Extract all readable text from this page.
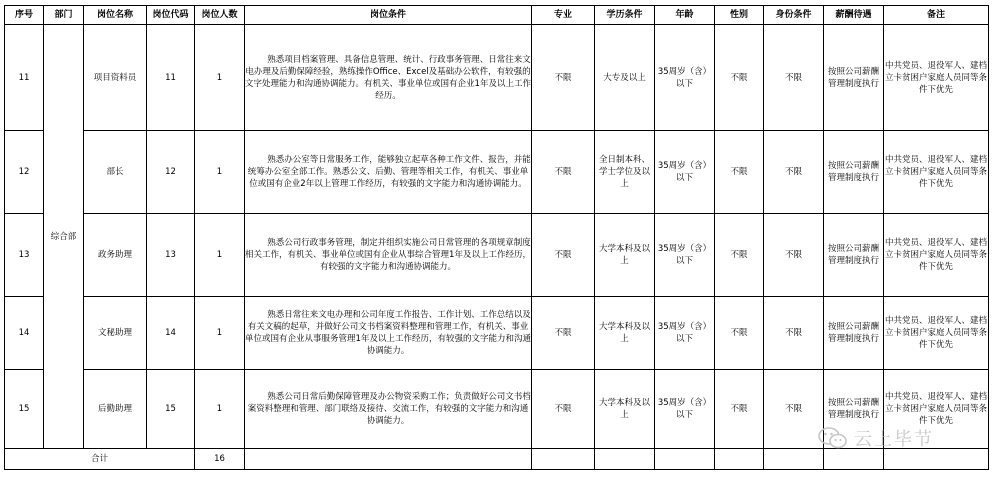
序号	部门	岗位名称	岗位代码	岗位人数	岗位条件	专业	学历条件	年龄	性别	身份条件	薪酬待遇	备注
11	综合部	项目资料员	11	1	熟悉项目档案管理、具备信息管理、统计、行政事务管理、日常往来文电办理及后勤保障经验，熟练操作Office、Excel及基础办公软件，有较强的文字处理能力和沟通协调能力。有机关、事业单位或国有企业1年及以上工作经历。	不限	大专及以上	35周岁（含）以下	不限	不限	按照公司薪酬管理制度执行	中共党员、退役军人、建档立卡贫困户家庭人员同等条件下优先
12		部长	12	1	熟悉办公室等日常服务工作，能够独立起草各种工作文件、报告，并能统筹办公室全部工作。熟悉公文、后勤、管理等相关工作，有机关、事业单位或国有企业2年以上管理工作经历，有较强的文字能力和沟通协调能力。	不限	全日制本科、学士学位及以上	35周岁（含）以下	不限	不限	按照公司薪酬管理制度执行	中共党员、退役军人、建档立卡贫困户家庭人员同等条件下优先
13		政务助理	13	1	熟悉公司行政事务管理，制定并组织实施公司日常管理的各项规章制度相关工作，有机关、事业单位或国有企业从事综合管理1年及以上工作经历，有较强的文字能力和沟通协调能力。	不限	大学本科及以上	35周岁（含）以下	不限	不限	按照公司薪酬管理制度执行	中共党员、退役军人、建档立卡贫困户家庭人员同等条件下优先
14		文秘助理	14	1	熟悉日常往来文电办理和公司年度工作报告、工作计划、工作总结以及有关文稿的起草，并做好公司文书档案资料整理和管理工作，有机关、事业单位或国有企业从事服务管理1年及以上工作经历，有较强的文字能力和沟通协调能力。	不限	大学本科及以上	35周岁（含）以下	不限	不限	按照公司薪酬管理制度执行	中共党员、退役军人、建档立卡贫困户家庭人员同等条件下优先
15		后勤助理	15	1	熟悉公司日常后勤保障管理及办公物资采购工作；负责做好公司文书档案资料整理和管理、部门联络及接待、交流工作，有较强的文字能力和沟通协调能力。	不限	大学本科及以上	35周岁（含）以下	不限	不限	按照公司薪酬管理制度执行	中共党员、退役军人、建档立卡贫困户家庭人员同等条件下优先
合计				16								
云上毕节
